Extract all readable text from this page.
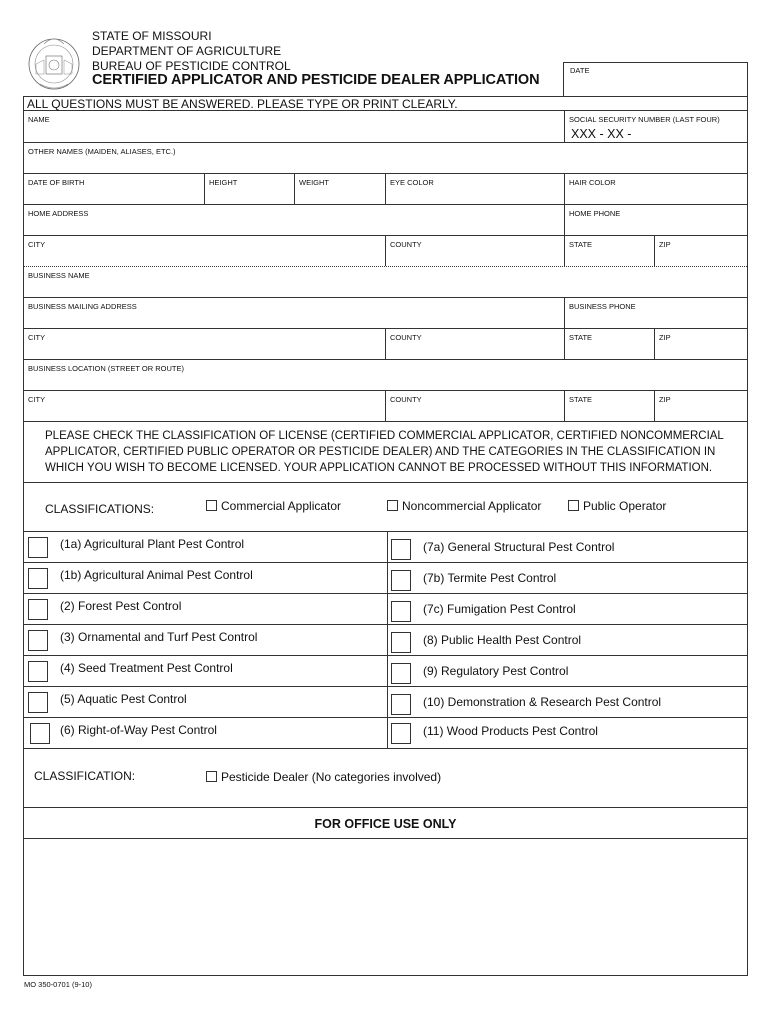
STATE OF MISSOURI
DEPARTMENT OF AGRICULTURE
BUREAU OF PESTICIDE CONTROL
CERTIFIED APPLICATOR AND PESTICIDE DEALER APPLICATION
DATE
ALL QUESTIONS MUST BE ANSWERED. PLEASE TYPE OR PRINT CLEARLY.
NAME	SOCIAL SECURITY NUMBER (LAST FOUR)
XXX - XX -
OTHER NAMES (MAIDEN, ALIASES, ETC.)
DATE OF BIRTH	HEIGHT	WEIGHT	EYE COLOR	HAIR COLOR
HOME ADDRESS	HOME PHONE
CITY	COUNTY	STATE	ZIP
BUSINESS NAME
BUSINESS MAILING ADDRESS	BUSINESS PHONE
CITY	COUNTY	STATE	ZIP
BUSINESS LOCATION (STREET OR ROUTE)
CITY	COUNTY	STATE	ZIP
PLEASE CHECK THE CLASSIFICATION OF LICENSE (CERTIFIED COMMERCIAL APPLICATOR, CERTIFIED NONCOMMERCIAL
APPLICATOR, CERTIFIED PUBLIC OPERATOR OR PESTICIDE DEALER) AND THE CATEGORIES IN THE CLASSIFICATION IN
WHICH YOU WISH TO BECOME LICENSED. YOUR APPLICATION CANNOT BE PROCESSED WITHOUT THIS INFORMATION.
CLASSIFICATIONS:	Commercial Applicator	Noncommercial Applicator	Public Operator
(1a) Agricultural Plant Pest Control	(7a) General Structural Pest Control
(1b) Agricultural Animal Pest Control	(7b) Termite Pest Control
(2) Forest Pest Control	(7c) Fumigation Pest Control
(3) Ornamental and Turf Pest Control	(8) Public Health Pest Control
(4) Seed Treatment Pest Control	(9) Regulatory Pest Control
(5) Aquatic Pest Control	(10) Demonstration & Research Pest Control
(6) Right-of-Way Pest Control	(11) Wood Products Pest Control
CLASSIFICATION:	Pesticide Dealer (No categories involved)
FOR OFFICE USE ONLY
MO 350-0701 (9-10)
